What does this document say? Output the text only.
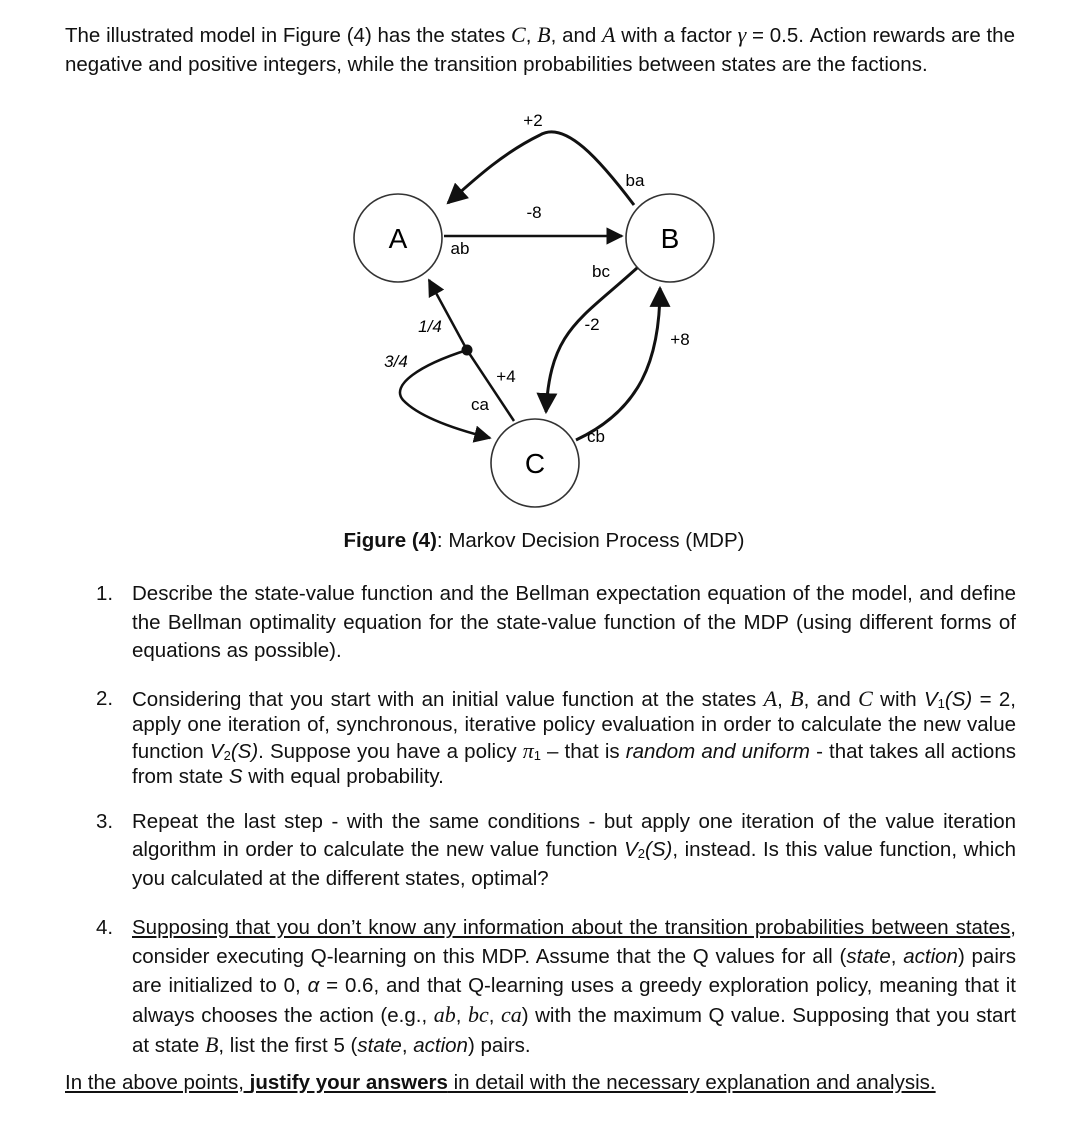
The illustrated model in Figure (4) has the states C, B, and A with a factor γ = 0.5. Action rewards are the negative and positive integers, while the transition probabilities between states are the factions.

A	B
C
+2
ba
-8
ab
bc
-2
+8
cb
1/4
3/4
+4
ca

Figure (4): Markov Decision Process (MDP)

1. Describe the state-value function and the Bellman expectation equation of the model, and define the Bellman optimality equation for the state-value function of the MDP (using different forms of equations as possible).
2. Considering that you start with an initial value function at the states A, B, and C with $V_1(S) = 2$, apply one iteration of, synchronous, iterative policy evaluation in order to calculate the new value function $V_2(S)$. Suppose you have a policy $\pi_1$ – that is random and uniform - that takes all actions from state S with equal probability.
3. Repeat the last step - with the same conditions - but apply one iteration of the value iteration algorithm in order to calculate the new value function $V_2(S)$, instead. Is this value function, which you calculated at the different states, optimal?
4. Supposing that you don’t know any information about the transition probabilities between states, consider executing Q-learning on this MDP. Assume that the Q values for all (state, action) pairs are initialized to 0, α = 0.6, and that Q-learning uses a greedy exploration policy, meaning that it always chooses the action (e.g., ab, bc, ca) with the maximum Q value. Supposing that you start at state B, list the first 5 (state, action) pairs.

In the above points, justify your answers in detail with the necessary explanation and analysis.
